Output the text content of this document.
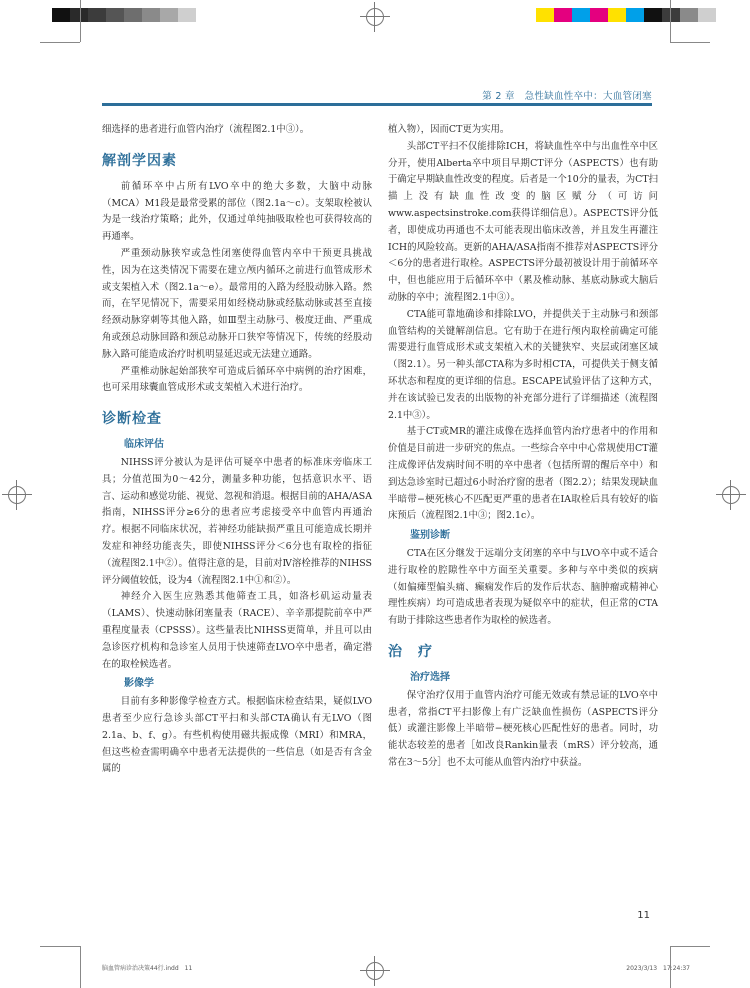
第 2 章　急性缺血性卒中：大血管闭塞

细选择的患者进行血管内治疗（流程图2.1中③）。

解剖学因素

前循环卒中占所有LVO卒中的绝大多数，大脑中动脉（MCA）M1段是最常受累的部位（图2.1a～c）。支架取栓被认为是一线治疗策略；此外，仅通过单纯抽吸取栓也可获得较高的再通率。

严重颈动脉狭窄或急性闭塞使得血管内卒中干预更具挑战性，因为在这类情况下需要在建立颅内循环之前进行血管成形术或支架植入术（图2.1a～e）。最常用的入路为经股动脉入路。然而，在罕见情况下，需要采用如经桡动脉或经肱动脉或甚至直接经颈动脉穿刺等其他入路，如Ⅲ型主动脉弓、极度迂曲、严重成角或颈总动脉回路和颈总动脉开口狭窄等情况下，传统的经股动脉入路可能造成治疗时机明显延迟或无法建立通路。

严重椎动脉起始部狭窄可造成后循环卒中病例的治疗困难，也可采用球囊血管成形术或支架植入术进行治疗。

诊断检查
临床评估

NIHSS评分被认为是评估可疑卒中患者的标准床旁临床工具；分值范围为0～42分，测量多种功能，包括意识水平、语言、运动和感觉功能、视觉、忽视和消退。根据目前的AHA/ASA指南，NIHSS评分≥6分的患者应考虑接受卒中血管内再通治疗。根据不同临床状况，若神经功能缺损严重且可能造成长期并发症和神经功能丧失，即使NIHSS评分＜6分也有取栓的指征（流程图2.1中②）。值得注意的是，目前对Ⅳ溶栓推荐的NIHSS评分阈值较低，设为4（流程图2.1中①和②）。

神经介入医生应熟悉其他筛查工具，如洛杉矶运动量表（LAMS）、快速动脉闭塞量表（RACE）、辛辛那提院前卒中严重程度量表（CPSSS）。这些量表比NIHSS更简单，并且可以由急诊医疗机构和急诊室人员用于快速筛查LVO卒中患者，确定潜在的取栓候选者。

影像学

目前有多种影像学检查方式。根据临床检查结果，疑似LVO患者至少应行急诊头部CT平扫和头部CTA确认有无LVO（图2.1a、b、f、g）。有些机构使用磁共振成像（MRI）和MRA，但这些检查需明确卒中患者无法提供的一些信息（如是否有含金属的

植入物），因而CT更为实用。

头部CT平扫不仅能排除ICH，将缺血性卒中与出血性卒中区分开，使用Alberta卒中项目早期CT评分（ASPECTS）也有助于确定早期缺血性改变的程度。后者是一个10分的量表，为CT扫描上没有缺血性改变的脑区赋分（可访问www.aspectsinstroke.com获得详细信息）。ASPECTS评分低者，即使成功再通也不太可能表现出临床改善，并且发生再灌注ICH的风险较高。更新的AHA/ASA指南不推荐对ASPECTS评分＜6分的患者进行取栓。ASPECTS评分最初被设计用于前循环卒中，但也能应用于后循环卒中（累及椎动脉、基底动脉或大脑后动脉的卒中；流程图2.1中③）。

CTA能可靠地确诊和排除LVO，并提供关于主动脉弓和颈部血管结构的关键解剖信息。它有助于在进行颅内取栓前确定可能需要进行血管成形术或支架植入术的关键狭窄、夹层或闭塞区域（图2.1）。另一种头部CTA称为多时相CTA，可提供关于侧支循环状态和程度的更详细的信息。ESCAPE试验评估了这种方式，并在该试验已发表的出版物的补充部分进行了详细描述（流程图2.1中③）。

基于CT或MR的灌注成像在选择血管内治疗患者中的作用和价值是目前进一步研究的焦点。一些综合卒中中心常规使用CT灌注成像评估发病时间不明的卒中患者（包括所谓的醒后卒中）和到达急诊室时已超过6小时治疗窗的患者（图2.2）；结果发现缺血半暗带−梗死核心不匹配更严重的患者在IA取栓后具有较好的临床预后（流程图2.1中③；图2.1c）。

鉴别诊断

CTA在区分继发于远端分支闭塞的卒中与LVO卒中或不适合进行取栓的腔隙性卒中方面至关重要。多种与卒中类似的疾病（如偏瘫型偏头痛、癫痫发作后的发作后状态、脑肿瘤或精神心理性疾病）均可造成患者表现为疑似卒中的症状，但正常的CTA有助于排除这些患者作为取栓的候选者。

治　疗
治疗选择

保守治疗仅用于血管内治疗可能无效或有禁忌证的LVO卒中患者，常指CT平扫影像上有广泛缺血性损伤（ASPECTS评分低）或灌注影像上半暗带−梗死核心匹配性好的患者。同时，功能状态较差的患者［如改良Rankin量表（mRS）评分较高，通常在3～5分］也不太可能从血管内治疗中获益。

11
脑血管病诊治决策44行.indd　11	2023/3/13　17:24:37
